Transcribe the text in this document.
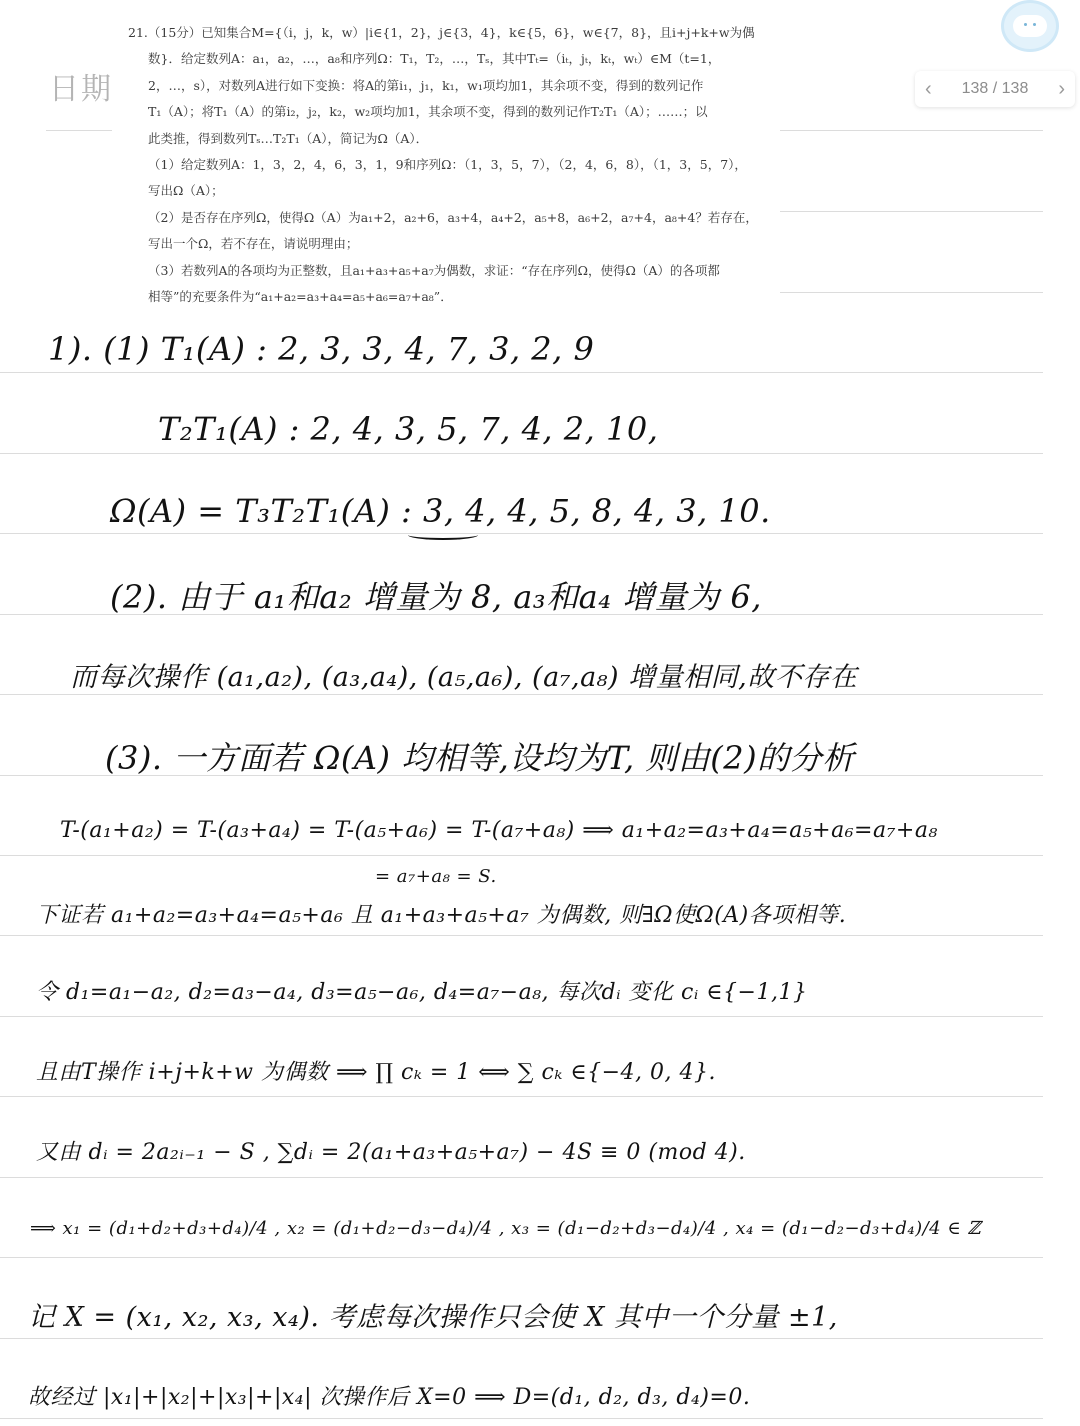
日期	‹ 138 / 138 ›

21.（15分）已知集合M={（i，j，k，w）|i∈{1，2}，j∈{3，4}，k∈{5，6}，w∈{7，8}，且i+j+k+w为偶

数}．给定数列A：a₁，a₂，…，a₈和序列Ω：T₁，T₂，…，Tₛ，其中Tₜ=（iₜ，jₜ，kₜ，wₜ）∈M（t=1，

2，…，s），对数列A进行如下变换：将A的第i₁，j₁，k₁，w₁项均加1，其余项不变，得到的数列记作

T₁（A）；将T₁（A）的第i₂，j₂，k₂，w₂项均加1，其余项不变，得到的数列记作T₂T₁（A）；……；以

此类推，得到数列Tₛ…T₂T₁（A），简记为Ω（A）．

（1）给定数列A：1，3，2，4，6，3，1，9和序列Ω：（1，3，5，7），（2，4，6，8），（1，3，5，7），

写出Ω（A）；

（2）是否存在序列Ω，使得Ω（A）为a₁+2，a₂+6，a₃+4，a₄+2，a₅+8，a₆+2，a₇+4，a₈+4？若存在，

写出一个Ω，若不存在，请说明理由；

（3）若数列A的各项均为正整数，且a₁+a₃+a₅+a₇为偶数，求证：“存在序列Ω，使得Ω（A）的各项都

相等”的充要条件为“a₁+a₂=a₃+a₄=a₅+a₆=a₇+a₈”．

1). (1) T₁(A) : 2, 3, 3, 4, 7, 3, 2, 9
T₂T₁(A) : 2, 4, 3, 5, 7, 4, 2, 10,
Ω(A) = T₃T₂T₁(A) : 3, 4, 4, 5, 8, 4, 3, 10.
(2). 由于 a₁和a₂ 增量为 8, a₃和a₄ 增量为 6,
而每次操作 (a₁,a₂), (a₃,a₄), (a₅,a₆), (a₇,a₈) 增量相同,故不存在
(3). 一方面若 Ω(A) 均相等,设均为T, 则由(2)的分析
T-(a₁+a₂) = T-(a₃+a₄) = T-(a₅+a₆) = T-(a₇+a₈) ⟹ a₁+a₂=a₃+a₄=a₅+a₆=a₇+a₈
= a₇+a₈ = S.
下证若 a₁+a₂=a₃+a₄=a₅+a₆ 且 a₁+a₃+a₅+a₇ 为偶数, 则∃Ω使Ω(A)各项相等.
令 d₁=a₁−a₂, d₂=a₃−a₄, d₃=a₅−a₆, d₄=a₇−a₈, 每次dᵢ 变化 cᵢ ∈{−1,1}
且由T操作 i+j+k+w 为偶数 ⟹ ∏ cₖ = 1 ⟺ ∑ cₖ ∈{−4, 0, 4}.
又由 dᵢ = 2a₂ᵢ₋₁ − S , ∑dᵢ = 2(a₁+a₃+a₅+a₇) − 4S ≡ 0 (mod 4).
⟹ x₁ = (d₁+d₂+d₃+d₄)/4 , x₂ = (d₁+d₂−d₃−d₄)/4 , x₃ = (d₁−d₂+d₃−d₄)/4 , x₄ = (d₁−d₂−d₃+d₄)/4 ∈ ℤ
记 X = (x₁, x₂, x₃, x₄). 考虑每次操作只会使 X 其中一个分量 ±1,
故经过 |x₁|+|x₂|+|x₃|+|x₄| 次操作后 X=0 ⟹ D=(d₁, d₂, d₃, d₄)=0.
